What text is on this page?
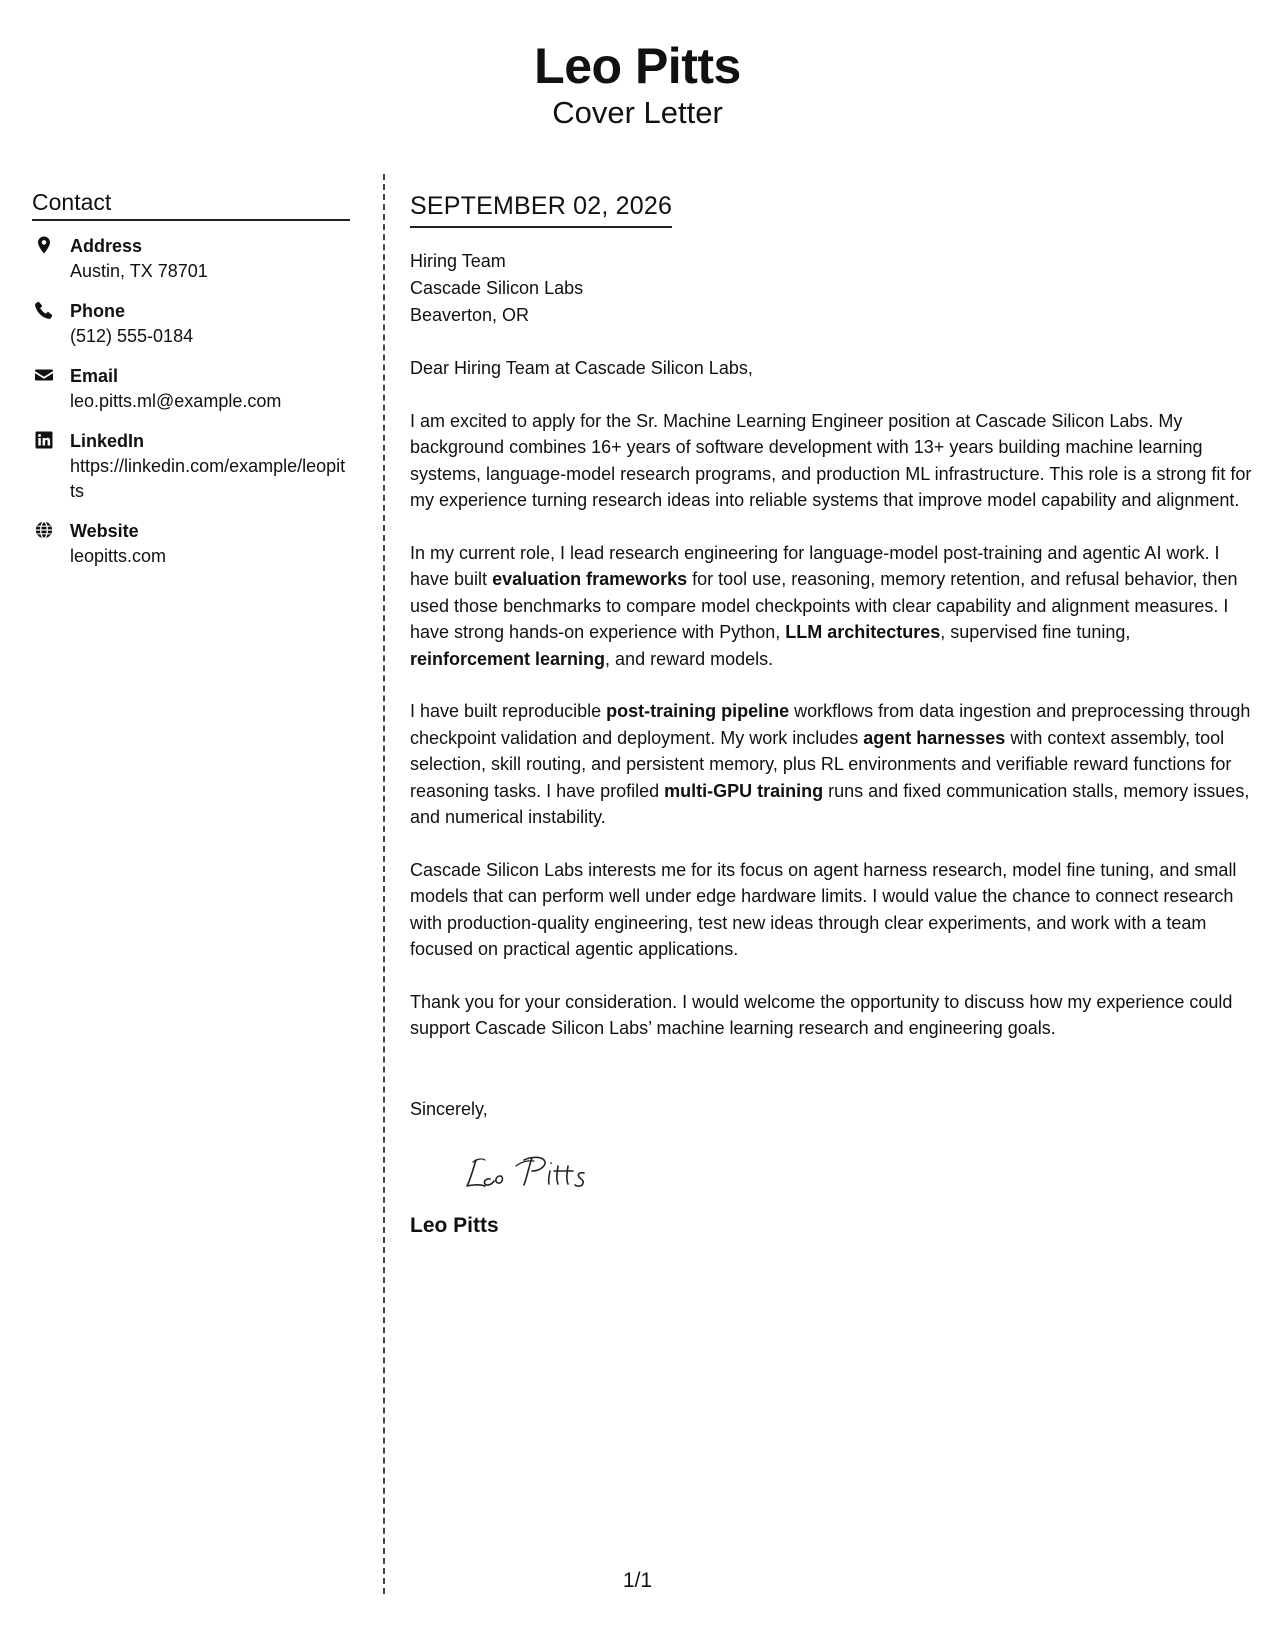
Leo Pitts
Cover Letter
Contact
Address
Austin, TX 78701
Phone
(512) 555-0184
Email
leo.pitts.ml@example.com
LinkedIn
https://linkedin.com/example/leopitts
Website
leopitts.com
SEPTEMBER 02, 2026
Hiring Team
Cascade Silicon Labs
Beaverton, OR
Dear Hiring Team at Cascade Silicon Labs,
I am excited to apply for the Sr. Machine Learning Engineer position at Cascade Silicon Labs. My background combines 16+ years of software development with 13+ years building machine learning systems, language-model research programs, and production ML infrastructure. This role is a strong fit for my experience turning research ideas into reliable systems that improve model capability and alignment.
In my current role, I lead research engineering for language-model post-training and agentic AI work. I have built evaluation frameworks for tool use, reasoning, memory retention, and refusal behavior, then used those benchmarks to compare model checkpoints with clear capability and alignment measures. I have strong hands-on experience with Python, LLM architectures, supervised fine tuning, reinforcement learning, and reward models.
I have built reproducible post-training pipeline workflows from data ingestion and preprocessing through checkpoint validation and deployment. My work includes agent harnesses with context assembly, tool selection, skill routing, and persistent memory, plus RL environments and verifiable reward functions for reasoning tasks. I have profiled multi-GPU training runs and fixed communication stalls, memory issues, and numerical instability.
Cascade Silicon Labs interests me for its focus on agent harness research, model fine tuning, and small models that can perform well under edge hardware limits. I would value the chance to connect research with production-quality engineering, test new ideas through clear experiments, and work with a team focused on practical agentic applications.
Thank you for your consideration. I would welcome the opportunity to discuss how my experience could support Cascade Silicon Labs’ machine learning research and engineering goals.
Sincerely,
Leo Pitts
1/1
